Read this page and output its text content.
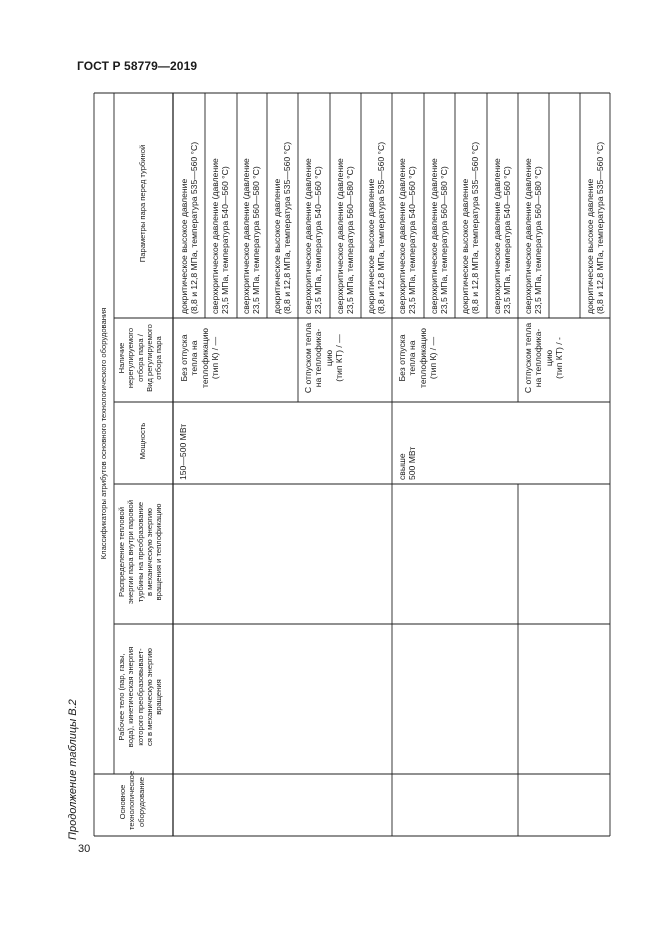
ГОСТ Р 58779—2019
30
Продолжение таблицы В.2
Классификаторы атрибутов основного технологического оборудования
Основное
технологическое
оборудование
Рабочее тело (пар, газы,
вода), кинетическая энергия
которого преобразовывает-
ся в механическую энергию
вращения
Распределение тепловой
энергии пара внутри паровой
турбины на преобразование
в механическую энергию
вращения и теплофикацию
Мощность
Наличие
нерегулируемого
отбора пара /
Вид регулируемого
отбора пара
Параметры пара перед турбиной
150—500 МВт	свыше
500 МВт
Без отпуска
тепла на
теплофикацию
(тип К) / —
С отпуском тепла
на теплофика-
цию
(тип КТ) / —
Без отпуска
тепла на
теплофикацию
(тип К) / —
С отпуском тепла
на теплофика-
цию
(тип КТ) / -
докритическое высокое давление
(8,8 и 12,8 МПа, температура 535—560 °С)
сверхкритическое давление (давление
23,5 МПа, температура 540—560 °С)
сверхкритическое давление (давление
23,5 МПа, температура 560—580 °С)
докритическое высокое давление
(8,8 и 12,8 МПа, температура 535—560 °С)
сверхкритическое давление (давление
23,5 МПа, температура 540—560 °С)
сверхкритическое давление (давление
23,5 МПа, температура 560—580 °С)
докритическое высокое давление
(8,8 и 12,8 МПа, температура 535—560 °С)
сверхкритическое давление (давление
23,5 МПа, температура 540—560 °С)
сверхкритическое давление (давление
23,5 МПа, температура 560—580 °С)
докритическое высокое давление
(8,8 и 12,8 МПа, температура 535—560 °С)
сверхкритическое давление (давление
23,5 МПа, температура 540—560 °С)
сверхкритическое давление (давление
23,5 МПа, температура 560—580 °С)
докритическое высокое давление
(8,8 и 12,8 МПа, температура 535—560 °С)
